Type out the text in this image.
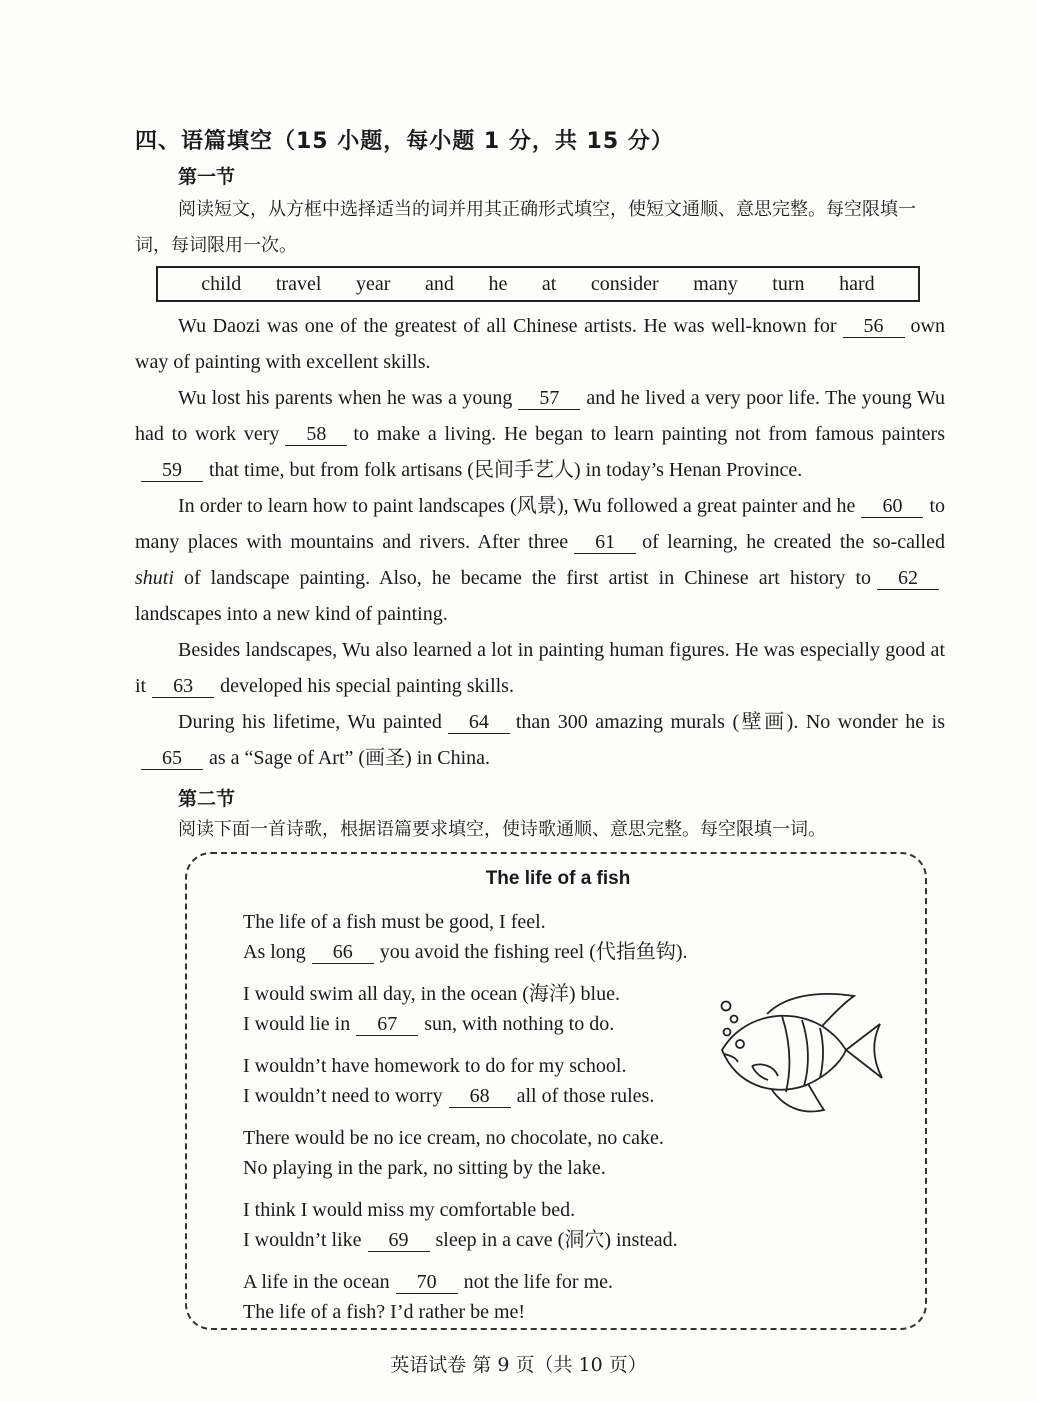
四、语篇填空（15 小题，每小题 1 分，共 15 分）
第一节
阅读短文，从方框中选择适当的词并用其正确形式填空，使短文通顺、意思完整。每空限填一词，每词限用一次。
child travel year and he at consider many turn hard

Wu Daozi was one of the greatest of all Chinese artists. He was well-known for 56 own way of painting with excellent skills.

Wu lost his parents when he was a young 57 and he lived a very poor life. The young Wu had to work very 58 to make a living. He began to learn painting not from famous painters59 that time, but from folk artisans (民间手艺人) in today’s Henan Province.

In order to learn how to paint landscapes (风景), Wu followed a great painter and he 60 to many places with mountains and rivers. After three 61 of learning, he created the so-called shuti of landscape painting. Also, he became the first artist in Chinese art history to 62landscapes into a new kind of painting.

Besides landscapes, Wu also learned a lot in painting human figures. He was especially good at it 63 developed his special painting skills.

During his lifetime, Wu painted 64 than 300 amazing murals (壁画). No wonder he is65 as a “Sage of Art” (画圣) in China.

第二节
阅读下面一首诗歌，根据语篇要求填空，使诗歌通顺、意思完整。每空限填一词。
The life of a fish
The life of a fish must be good, I feel.
As long 66 you avoid the fishing reel (代指鱼钩).
I would swim all day, in the ocean (海洋) blue.
I would lie in 67 sun, with nothing to do.
I wouldn’t have homework to do for my school.
I wouldn’t need to worry 68 all of those rules.
There would be no ice cream, no chocolate, no cake.
No playing in the park, no sitting by the lake.
I think I would miss my comfortable bed.
I wouldn’t like 69 sleep in a cave (洞穴) instead.
A life in the ocean 70 not the life for me.
The life of a fish? I’d rather be me!
英语试卷 第 9 页（共 10 页）
